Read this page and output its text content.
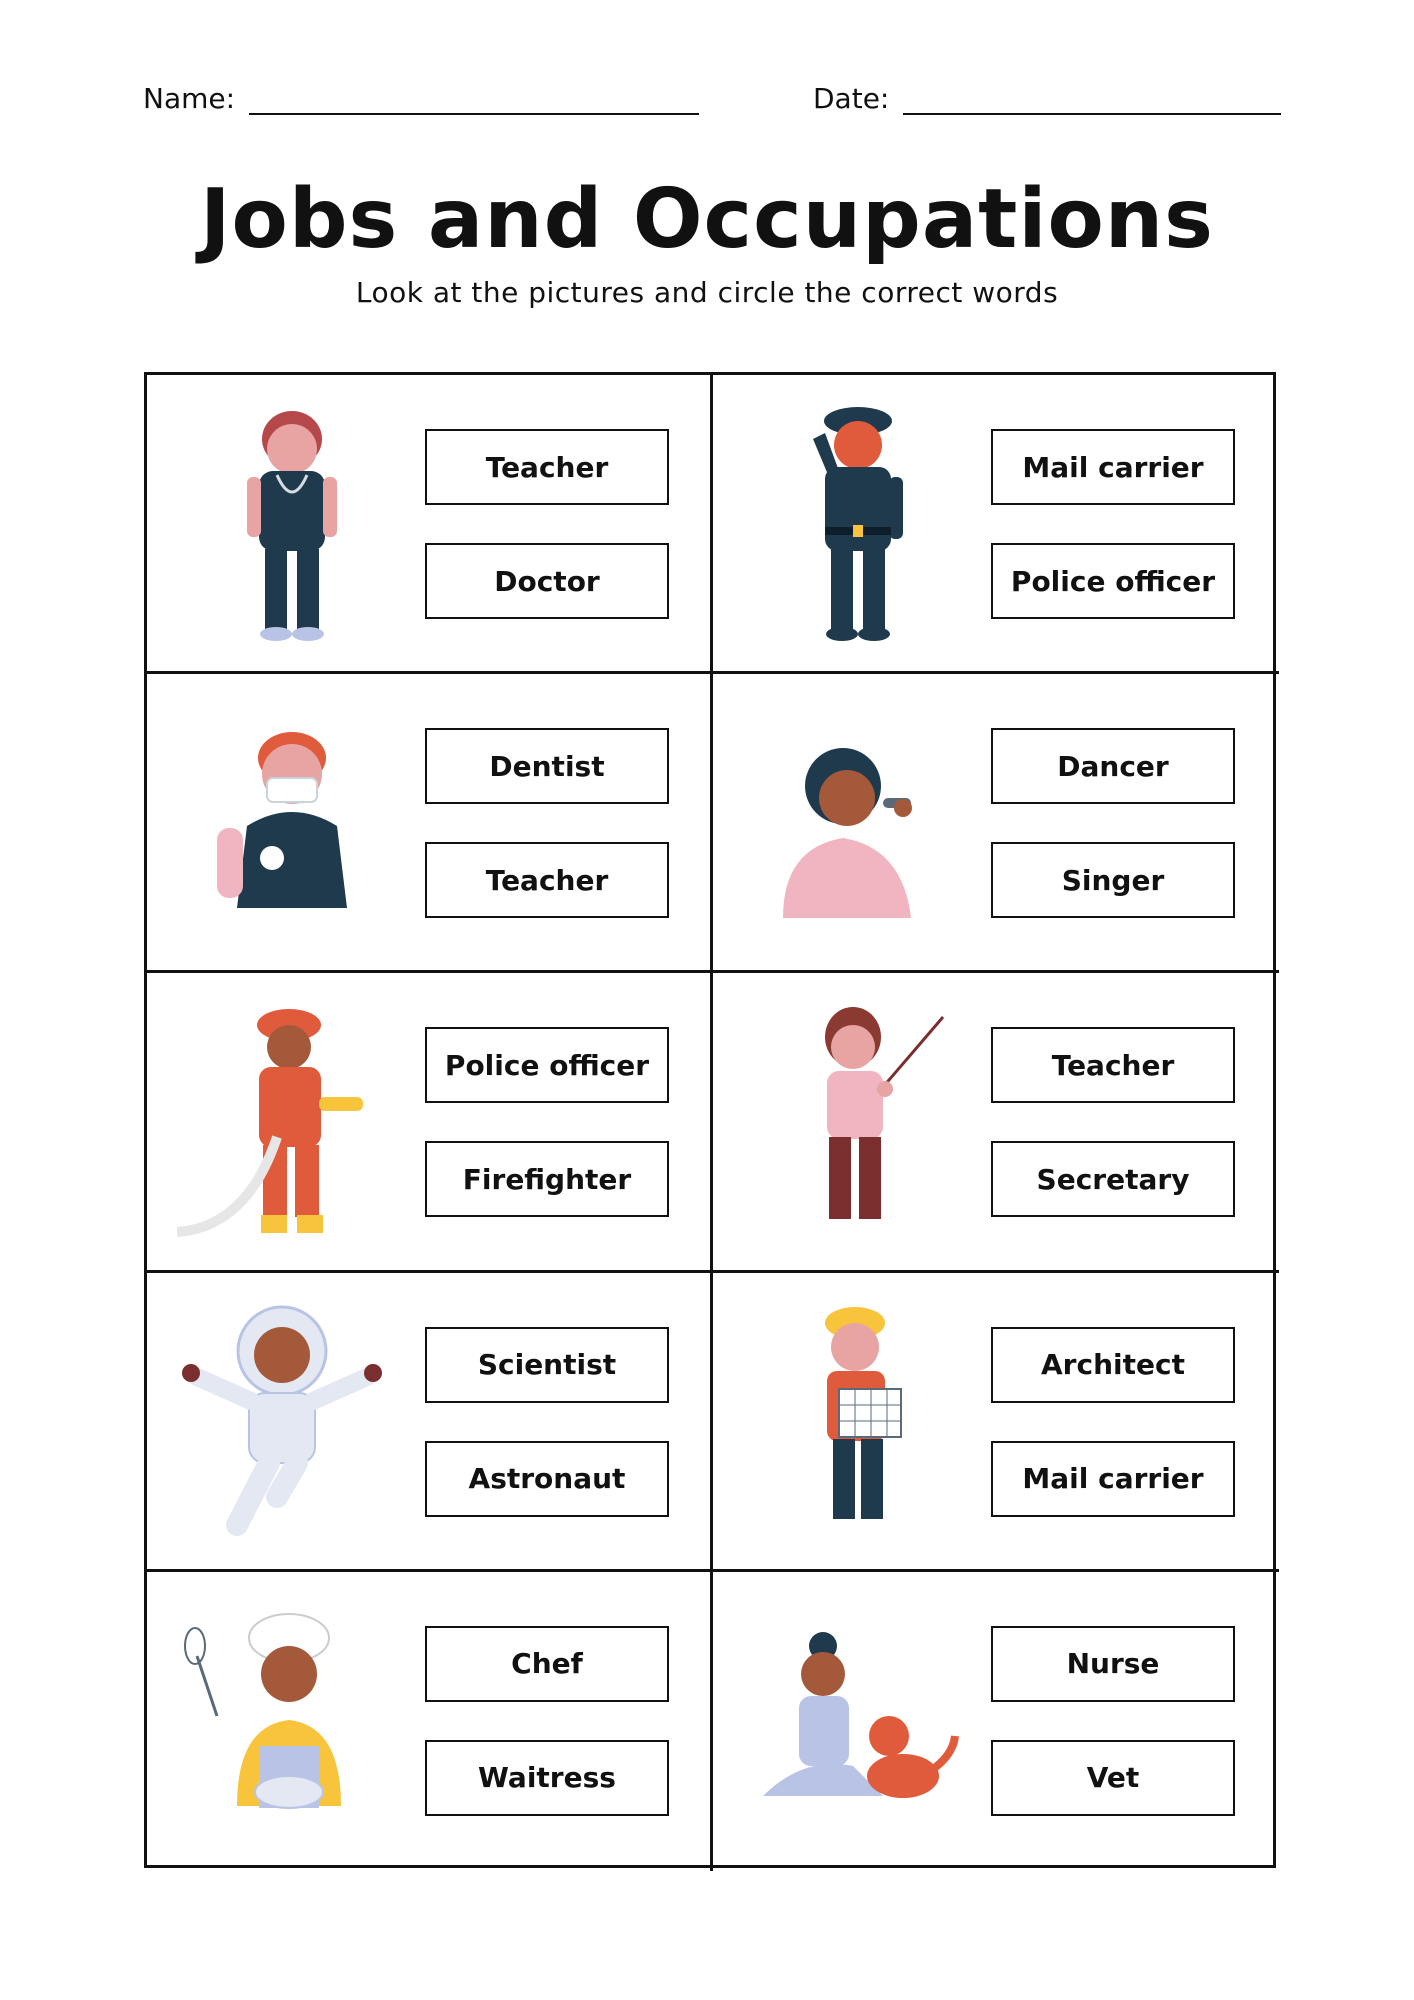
Name:	Date:
Jobs and Occupations
Look at the pictures and circle the correct words
Teacher
Doctor
Mail carrier
Police officer
Dentist
Teacher
Dancer
Singer
Police officer
Firefighter
Teacher
Secretary
Scientist
Astronaut
Architect
Mail carrier
Chef
Waitress
Nurse
Vet
